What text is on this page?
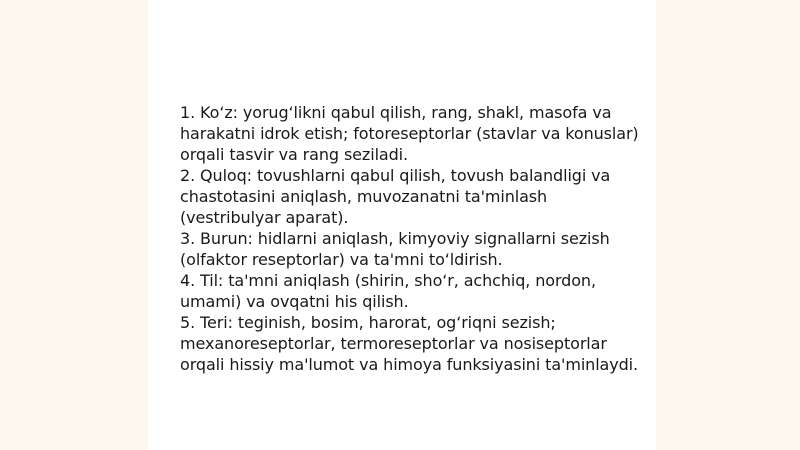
1. Ko‘z: yorug‘likni qabul qilish, rang, shakl, masofa va harakatni idrok etish; fotoreseptorlar (stavlar va konuslar) orqali tasvir va rang seziladi.

2. Quloq: tovushlarni qabul qilish, tovush balandligi va chastotasini aniqlash, muvozanatni ta'minlash (vestribulyar aparat).

3. Burun: hidlarni aniqlash, kimyoviy signallarni sezish (olfaktor reseptorlar) va ta'mni to‘ldirish.

4. Til: ta'mni aniqlash (shirin, sho‘r, achchiq, nordon, umami) va ovqatni his qilish.

5. Teri: teginish, bosim, harorat, og‘riqni sezish; mexanoreseptorlar, termoreseptorlar va nosiseptorlar orqali hissiy ma'lumot va himoya funksiyasini ta'minlaydi.
